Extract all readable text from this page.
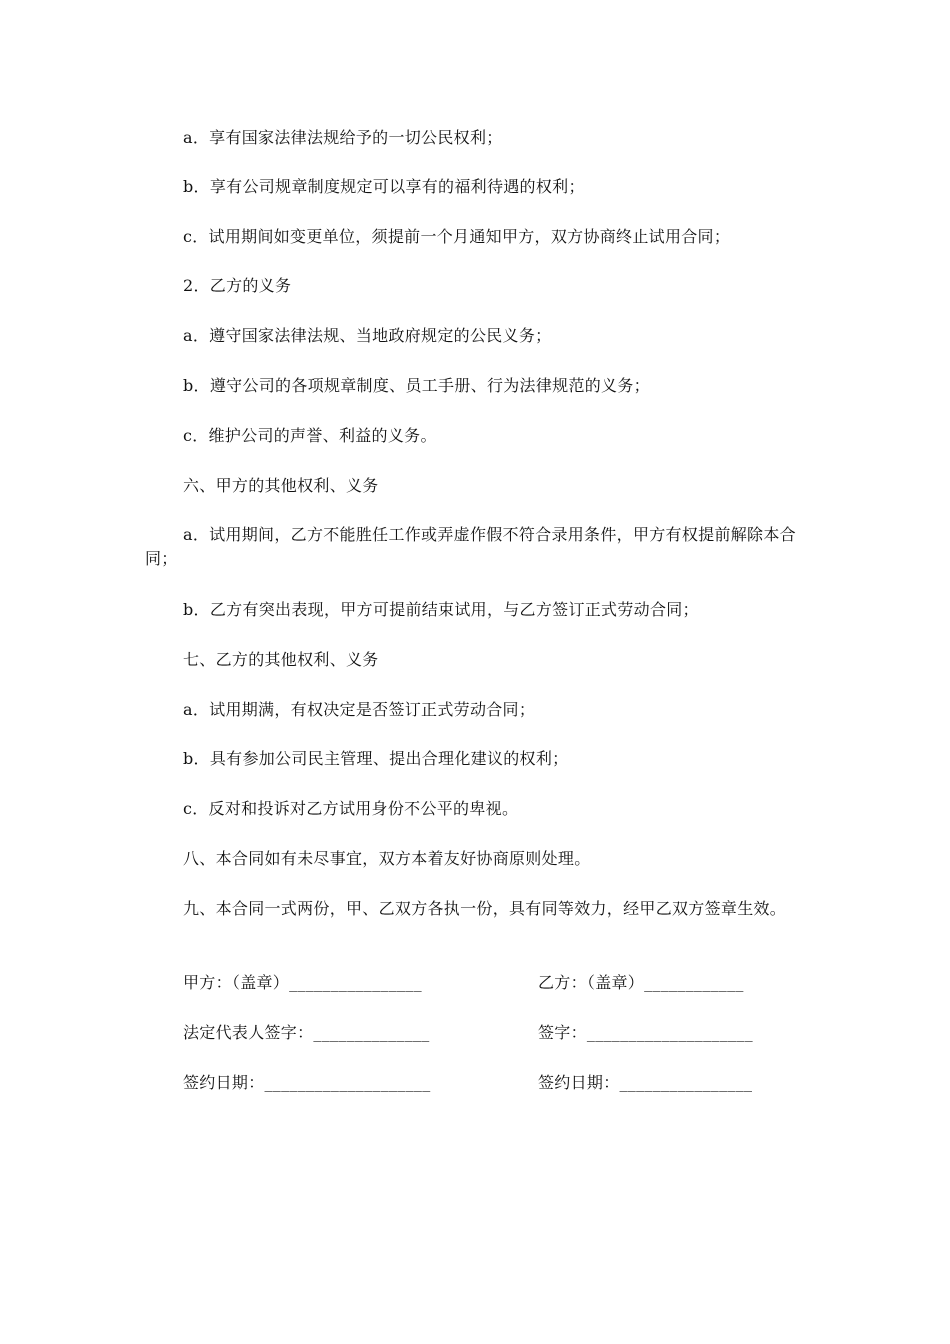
a．享有国家法律法规给予的一切公民权利；

b．享有公司规章制度规定可以享有的福利待遇的权利；

c．试用期间如变更单位，须提前一个月通知甲方，双方协商终止试用合同；

2．乙方的义务

a．遵守国家法律法规、当地政府规定的公民义务；

b．遵守公司的各项规章制度、员工手册、行为法律规范的义务；

c．维护公司的声誉、利益的义务。

六、甲方的其他权利、义务

a．试用期间，乙方不能胜任工作或弄虚作假不符合录用条件，甲方有权提前解除本合同；

b．乙方有突出表现，甲方可提前结束试用，与乙方签订正式劳动合同；

七、乙方的其他权利、义务

a．试用期满，有权决定是否签订正式劳动合同；

b．具有参加公司民主管理、提出合理化建议的权利；

c．反对和投诉对乙方试用身份不公平的卑视。

八、本合同如有未尽事宜，双方本着友好协商原则处理。

九、本合同一式两份，甲、乙双方各执一份，具有同等效力，经甲乙双方签章生效。

甲方：（盖章）________________	乙方：（盖章）____________
法定代表人签字：______________	签字：____________________
签约日期：____________________	签约日期：________________
